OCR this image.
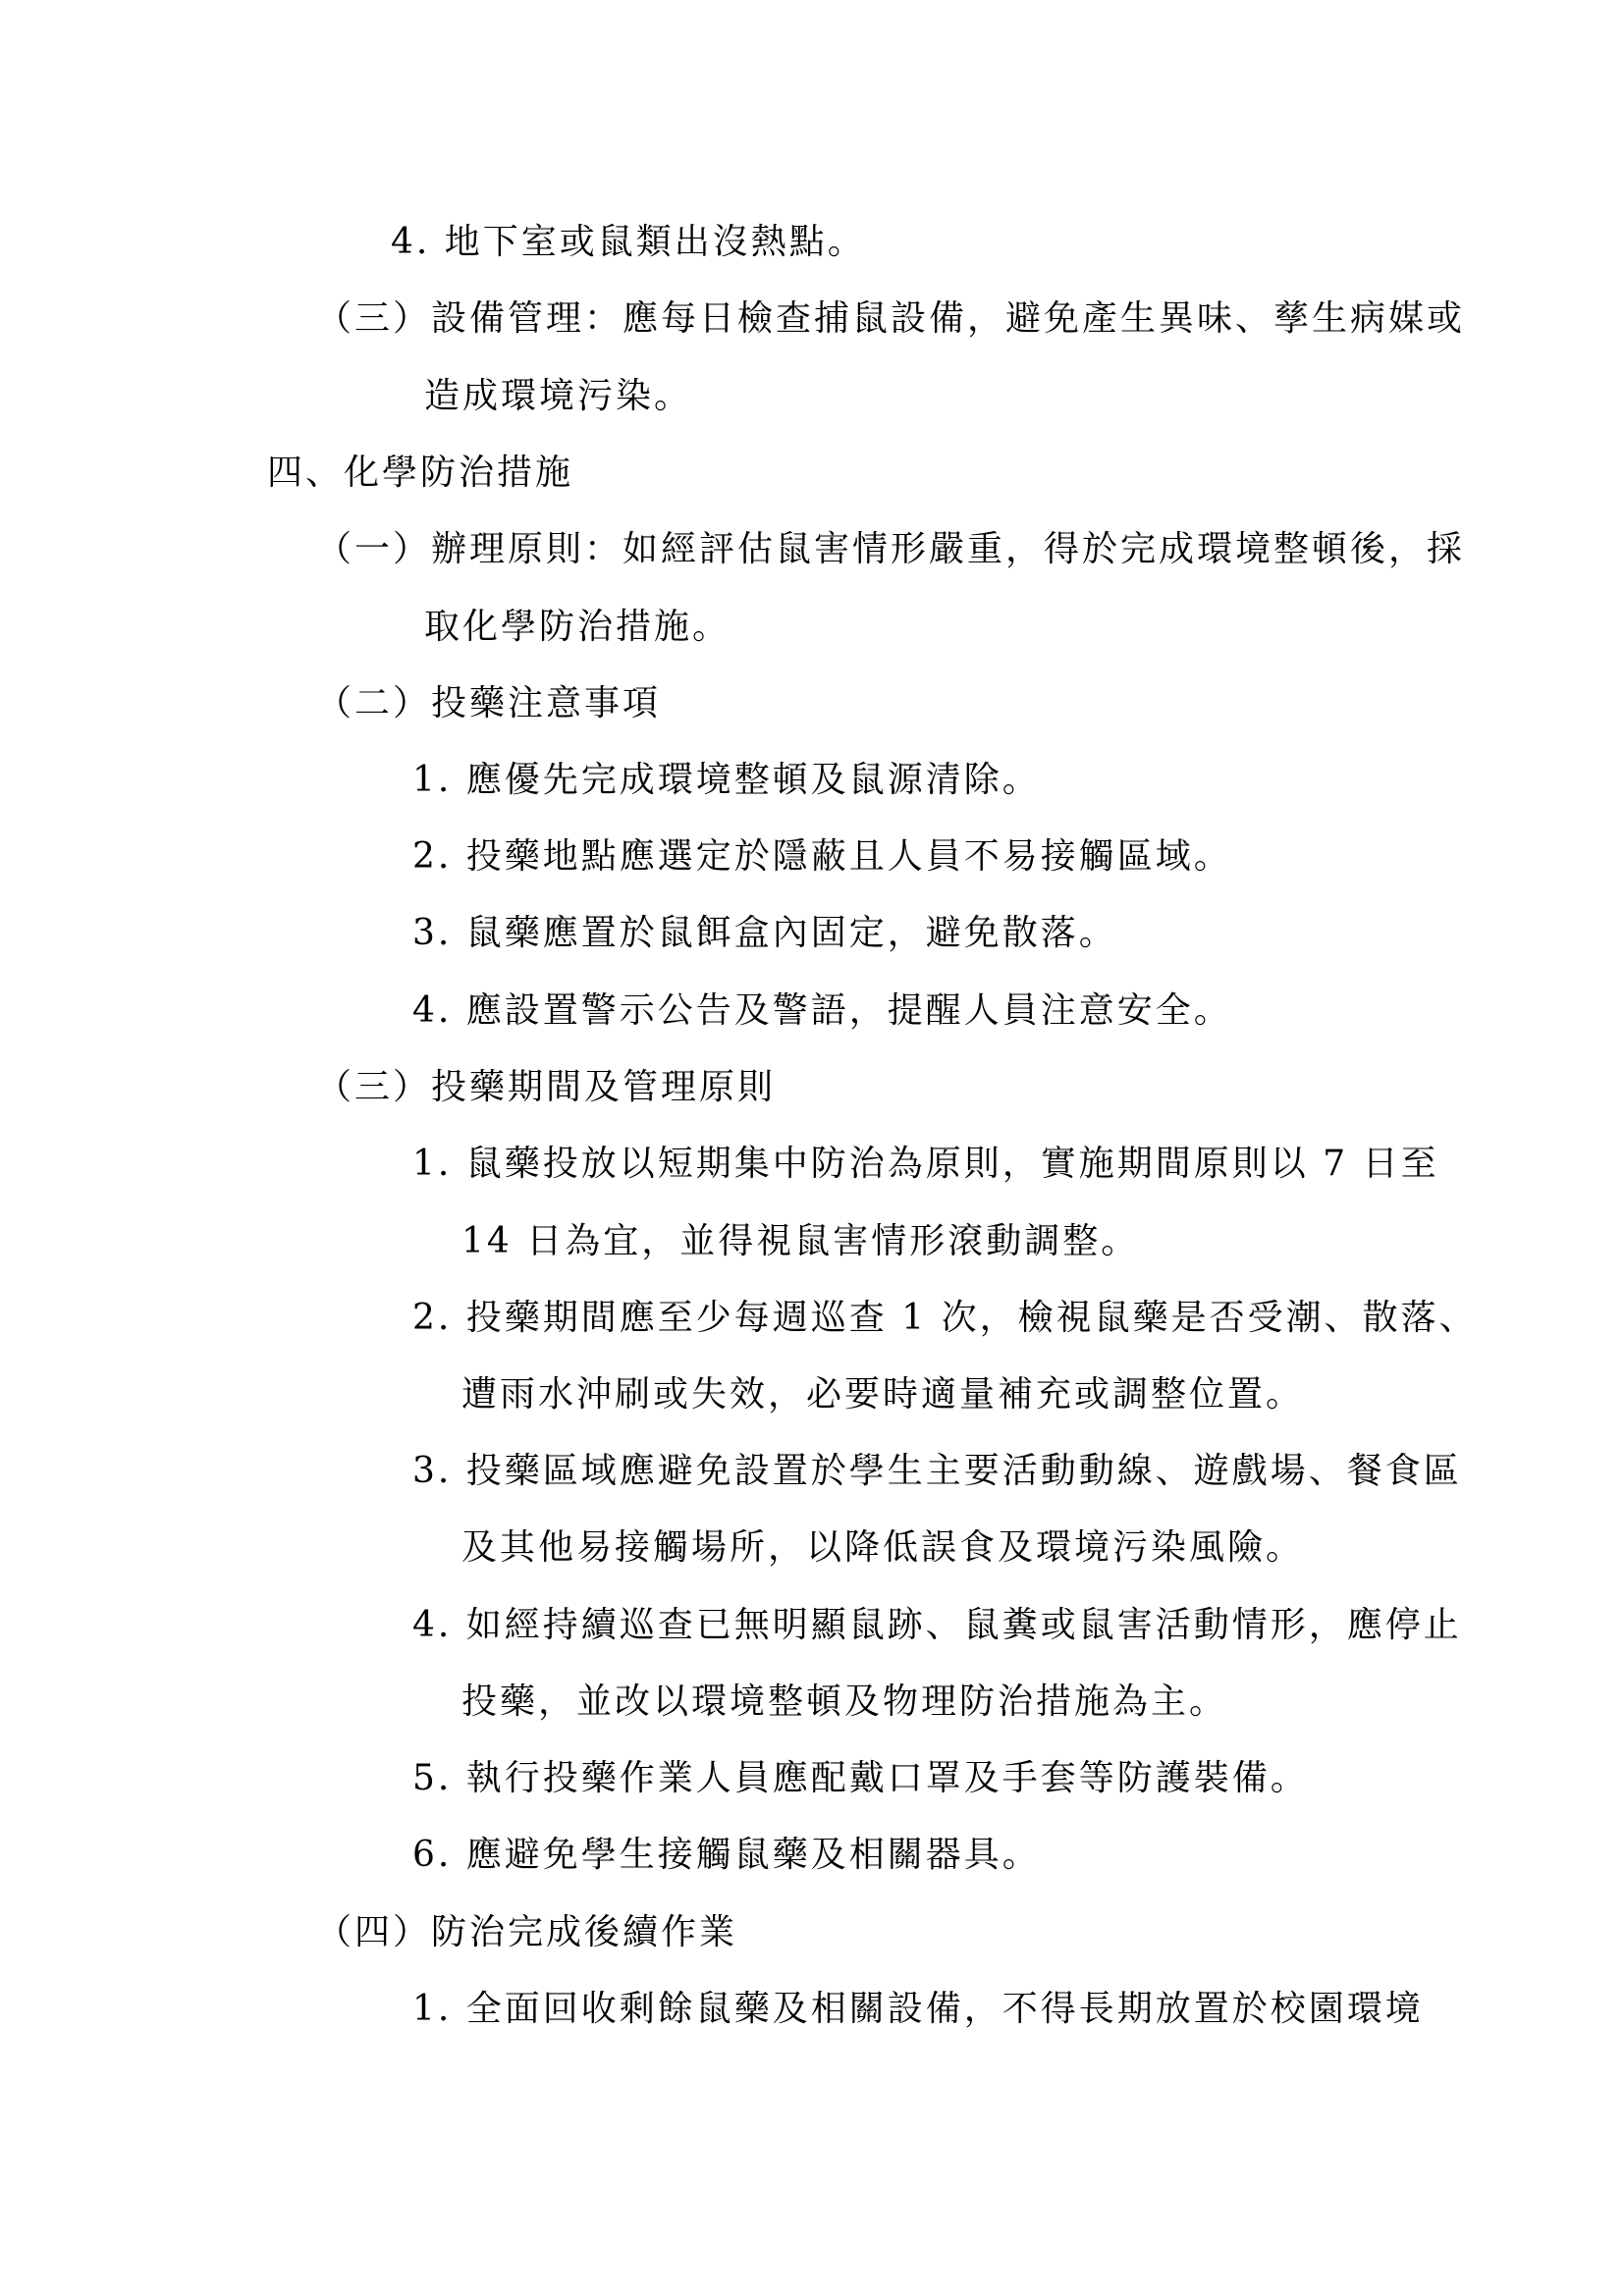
4. 地下室或鼠類出沒熱點。
（三）設備管理：應每日檢查捕鼠設備，避免產生異味、孳生病媒或
造成環境污染。
四、化學防治措施
（一）辦理原則：如經評估鼠害情形嚴重，得於完成環境整頓後，採
取化學防治措施。
（二）投藥注意事項
1. 應優先完成環境整頓及鼠源清除。
2. 投藥地點應選定於隱蔽且人員不易接觸區域。
3. 鼠藥應置於鼠餌盒內固定，避免散落。
4. 應設置警示公告及警語，提醒人員注意安全。
（三）投藥期間及管理原則
1. 鼠藥投放以短期集中防治為原則，實施期間原則以 7 日至
14 日為宜，並得視鼠害情形滾動調整。
2. 投藥期間應至少每週巡查 1 次，檢視鼠藥是否受潮、散落、
遭雨水沖刷或失效，必要時適量補充或調整位置。
3. 投藥區域應避免設置於學生主要活動動線、遊戲場、餐食區
及其他易接觸場所，以降低誤食及環境污染風險。
4. 如經持續巡查已無明顯鼠跡、鼠糞或鼠害活動情形，應停止
投藥，並改以環境整頓及物理防治措施為主。
5. 執行投藥作業人員應配戴口罩及手套等防護裝備。
6. 應避免學生接觸鼠藥及相關器具。
（四）防治完成後續作業
1. 全面回收剩餘鼠藥及相關設備，不得長期放置於校園環境
